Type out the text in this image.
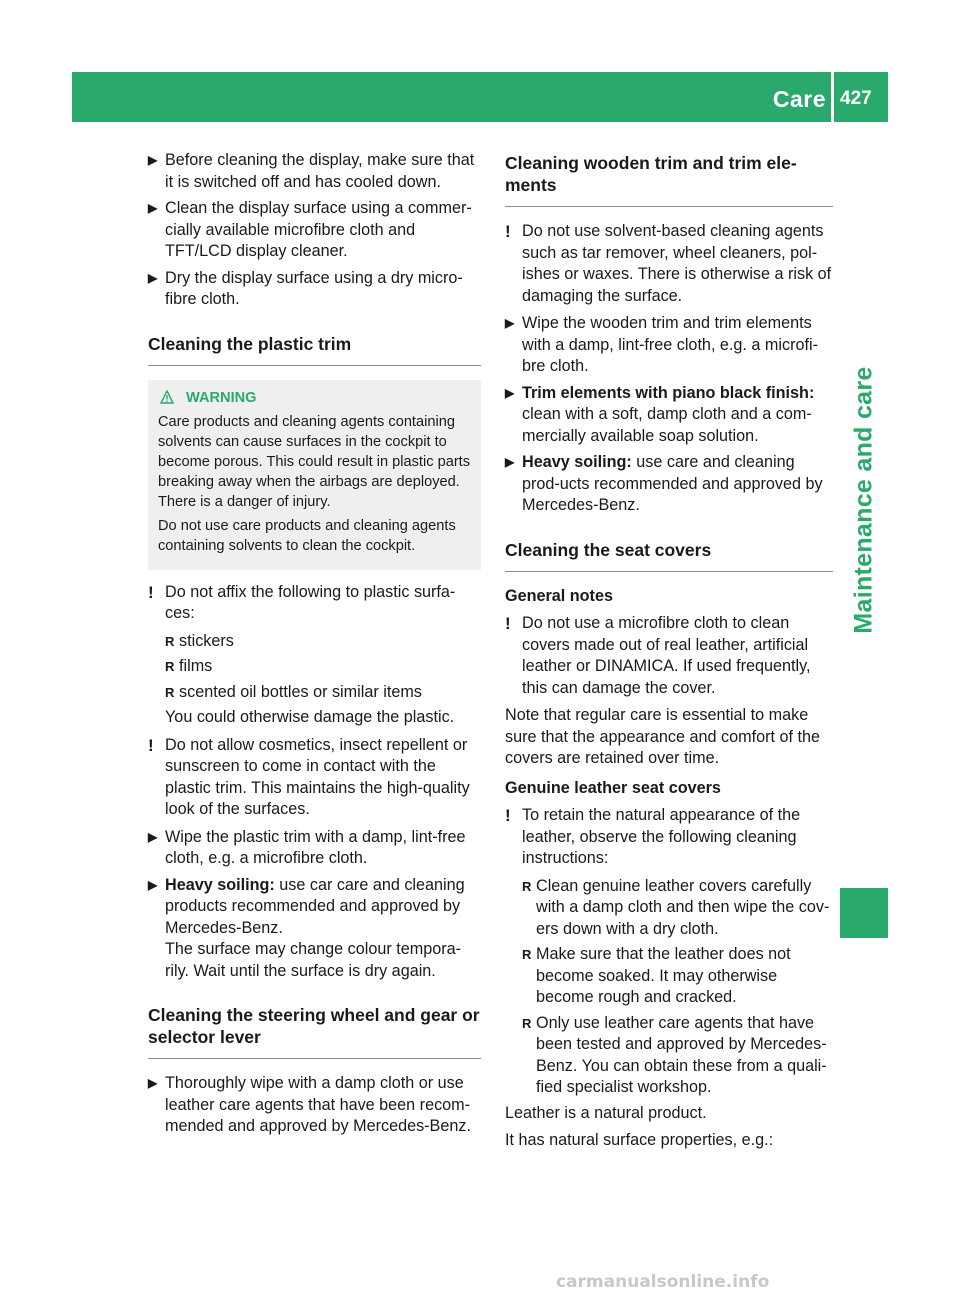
Care 427
Maintenance and care
▶
Before cleaning the display, make sure that it is switched off and has cooled down.
▶
Clean the display surface using a commer-cially available microfibre cloth and TFT/LCD display cleaner.
▶
Dry the display surface using a dry micro-fibre cloth.
Cleaning the plastic trim
WARNING

Care products and cleaning agents containing solvents can cause surfaces in the cockpit to become porous. This could result in plastic parts breaking away when the airbags are deployed. There is a danger of injury.

Do not use care products and cleaning agents containing solvents to clean the cockpit.

! Do not affix the following to plastic surfa-ces:
R stickers
R films
R scented oil bottles or similar items
You could otherwise damage the plastic.
! Do not allow cosmetics, insect repellent or sunscreen to come in contact with the plastic trim. This maintains the high-quality look of the surfaces.
▶
Wipe the plastic trim with a damp, lint-free cloth, e.g. a microfibre cloth.
▶
Heavy soiling: use car care and cleaning products recommended and approved by Mercedes-Benz.
The surface may change colour tempora-rily. Wait until the surface is dry again.
Cleaning the steering wheel and gear or selector lever
▶
Thoroughly wipe with a damp cloth or use leather care agents that have been recom-mended and approved by Mercedes-Benz.
Cleaning wooden trim and trim ele-ments
! Do not use solvent-based cleaning agents such as tar remover, wheel cleaners, pol-ishes or waxes. There is otherwise a risk of damaging the surface.
▶
Wipe the wooden trim and trim elements with a damp, lint-free cloth, e.g. a microfi-bre cloth.
▶
Trim elements with piano black finish: clean with a soft, damp cloth and a com-mercially available soap solution.
▶
Heavy soiling: use care and cleaning prod-ucts recommended and approved by Mercedes-Benz.
Cleaning the seat covers
General notes
! Do not use a microfibre cloth to clean covers made out of real leather, artificial leather or DINAMICA. If used frequently, this can damage the cover.
Note that regular care is essential to make sure that the appearance and comfort of the covers are retained over time.
Genuine leather seat covers
! To retain the natural appearance of the leather, observe the following cleaning instructions:
R Clean genuine leather covers carefully with a damp cloth and then wipe the cov-ers down with a dry cloth.
R Make sure that the leather does not become soaked. It may otherwise become rough and cracked.
R Only use leather care agents that have been tested and approved by Mercedes-Benz. You can obtain these from a quali-fied specialist workshop.
Leather is a natural product.
It has natural surface properties, e.g.:
carmanualsonline.info
